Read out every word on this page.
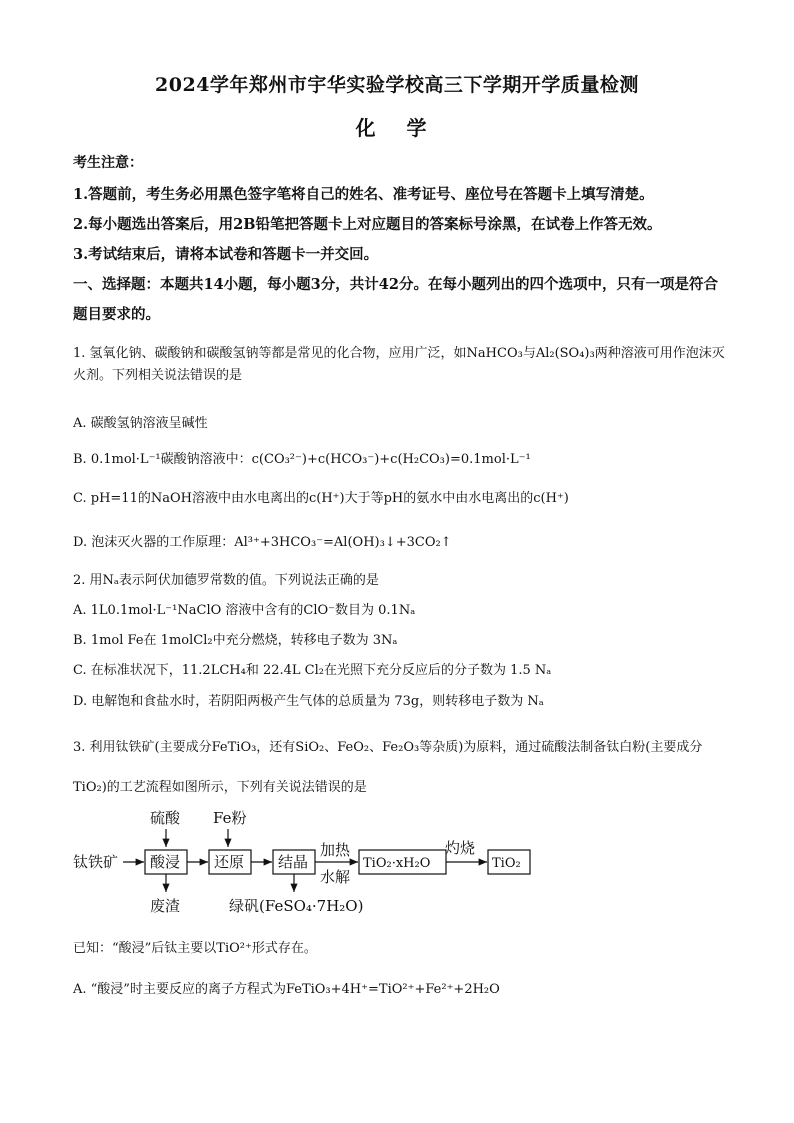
2024学年郑州市宇华实验学校高三下学期开学质量检测
化 学
考生注意：
1.答题前，考生务必用黑色签字笔将自己的姓名、准考证号、座位号在答题卡上填写清楚。
2.每小题选出答案后，用2B铅笔把答题卡上对应题目的答案标号涂黑，在试卷上作答无效。
3.考试结束后，请将本试卷和答题卡一并交回。
一、选择题：本题共14小题，每小题3分，共计42分。在每小题列出的四个选项中，只有一项是符合题目要求的。
1. 氢氧化钠、碳酸钠和碳酸氢钠等都是常见的化合物，应用广泛，如NaHCO₃与Al₂(SO₄)₃两种溶液可用作泡沫灭火剂。下列相关说法错误的是
A. 碳酸氢钠溶液呈碱性
B. 0.1mol·L⁻¹碳酸钠溶液中：c(CO₃²⁻)+c(HCO₃⁻)+c(H₂CO₃)=0.1mol·L⁻¹
C. pH=11的NaOH溶液中由水电离出的c(H⁺)大于等pH的氨水中由水电离出的c(H⁺)
D. 泡沫灭火器的工作原理：Al³⁺+3HCO₃⁻=Al(OH)₃↓+3CO₂↑
2. 用Nₐ表示阿伏加德罗常数的值。下列说法正确的是
A. 1L0.1mol·L⁻¹NaClO 溶液中含有的ClO⁻数目为 0.1Nₐ
B. 1mol Fe在 1molCl₂中充分燃烧，转移电子数为 3Nₐ
C. 在标准状况下，11.2LCH₄和 22.4L Cl₂在光照下充分反应后的分子数为 1.5 Nₐ
D. 电解饱和食盐水时，若阴阳两极产生气体的总质量为 73g，则转移电子数为 Nₐ
3. 利用钛铁矿(主要成分FeTiO₃，还有SiO₂、FeO₂、Fe₂O₃等杂质)为原料，通过硫酸法制备钛白粉(主要成分TiO₂)的工艺流程如图所示，下列有关说法错误的是
硫酸 Fe粉
钛铁矿 酸浸 还原 结晶
加热
水解
TiO₂·xH₂O
灼烧
TiO₂
废渣	绿矾(FeSO₄·7H₂O)
已知：“酸浸”后钛主要以TiO²⁺形式存在。
A. “酸浸”时主要反应的离子方程式为FeTiO₃+4H⁺=TiO²⁺+Fe²⁺+2H₂O
